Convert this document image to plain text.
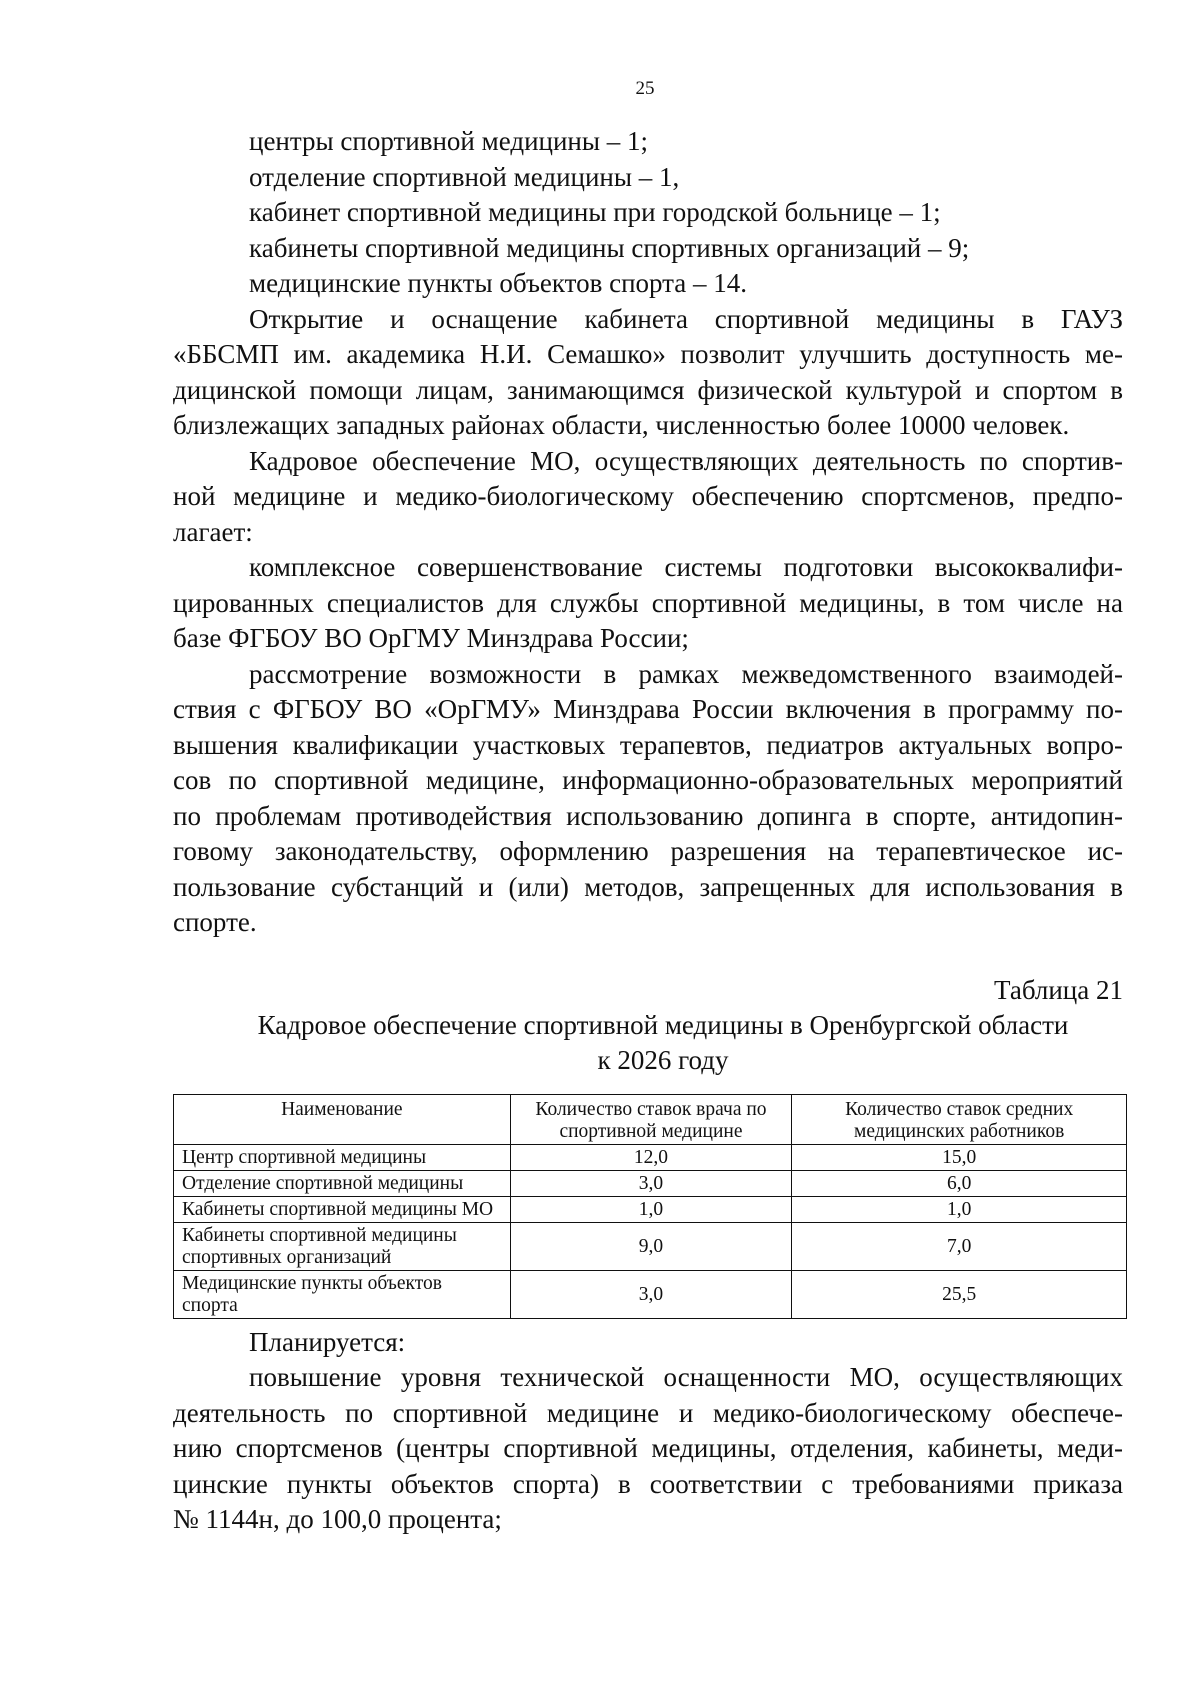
25
центры спортивной медицины – 1;
отделение спортивной медицины – 1,
кабинет спортивной медицины при городской больнице – 1;
кабинеты спортивной медицины спортивных организаций – 9;
медицинские пункты объектов спорта – 14.
Открытие и оснащение кабинета спортивной медицины в ГАУЗ
«ББСМП им. академика Н.И. Семашко» позволит улучшить доступность ме-
дицинской помощи лицам, занимающимся физической культурой и спортом в
близлежащих западных районах области, численностью более 10000 человек.
Кадровое обеспечение МО, осуществляющих деятельность по спортив-
ной медицине и медико-биологическому обеспечению спортсменов, предпо-
лагает:
комплексное совершенствование системы подготовки высококвалифи-
цированных специалистов для службы спортивной медицины, в том числе на
базе ФГБОУ ВО ОрГМУ Минздрава России;
рассмотрение возможности в рамках межведомственного взаимодей-
ствия с ФГБОУ ВО «ОрГМУ» Минздрава России включения в программу по-
вышения квалификации участковых терапевтов, педиатров актуальных вопро-
сов по спортивной медицине, информационно-образовательных мероприятий
по проблемам противодействия использованию допинга в спорте, антидопин-
говому законодательству, оформлению разрешения на терапевтическое ис-
пользование субстанций и (или) методов, запрещенных для использования в
спорте.
Таблица 21
Кадровое обеспечение спортивной медицины в Оренбургской области
к 2026 году
Наименование	Количество ставок врача по спортивной медицине	Количество ставок средних медицинских работников
Центр спортивной медицины	12,0	15,0
Отделение спортивной медицины	3,0	6,0
Кабинеты спортивной медицины МО	1,0	1,0
Кабинеты спортивной медицины спортивных организаций	9,0	7,0
Медицинские пункты объектов спорта	3,0	25,5
Планируется:
повышение уровня технической оснащенности МО, осуществляющих
деятельность по спортивной медицине и медико-биологическому обеспече-
нию спортсменов (центры спортивной медицины, отделения, кабинеты, меди-
цинские пункты объектов спорта) в соответствии с требованиями приказа
№ 1144н, до 100,0 процента;
